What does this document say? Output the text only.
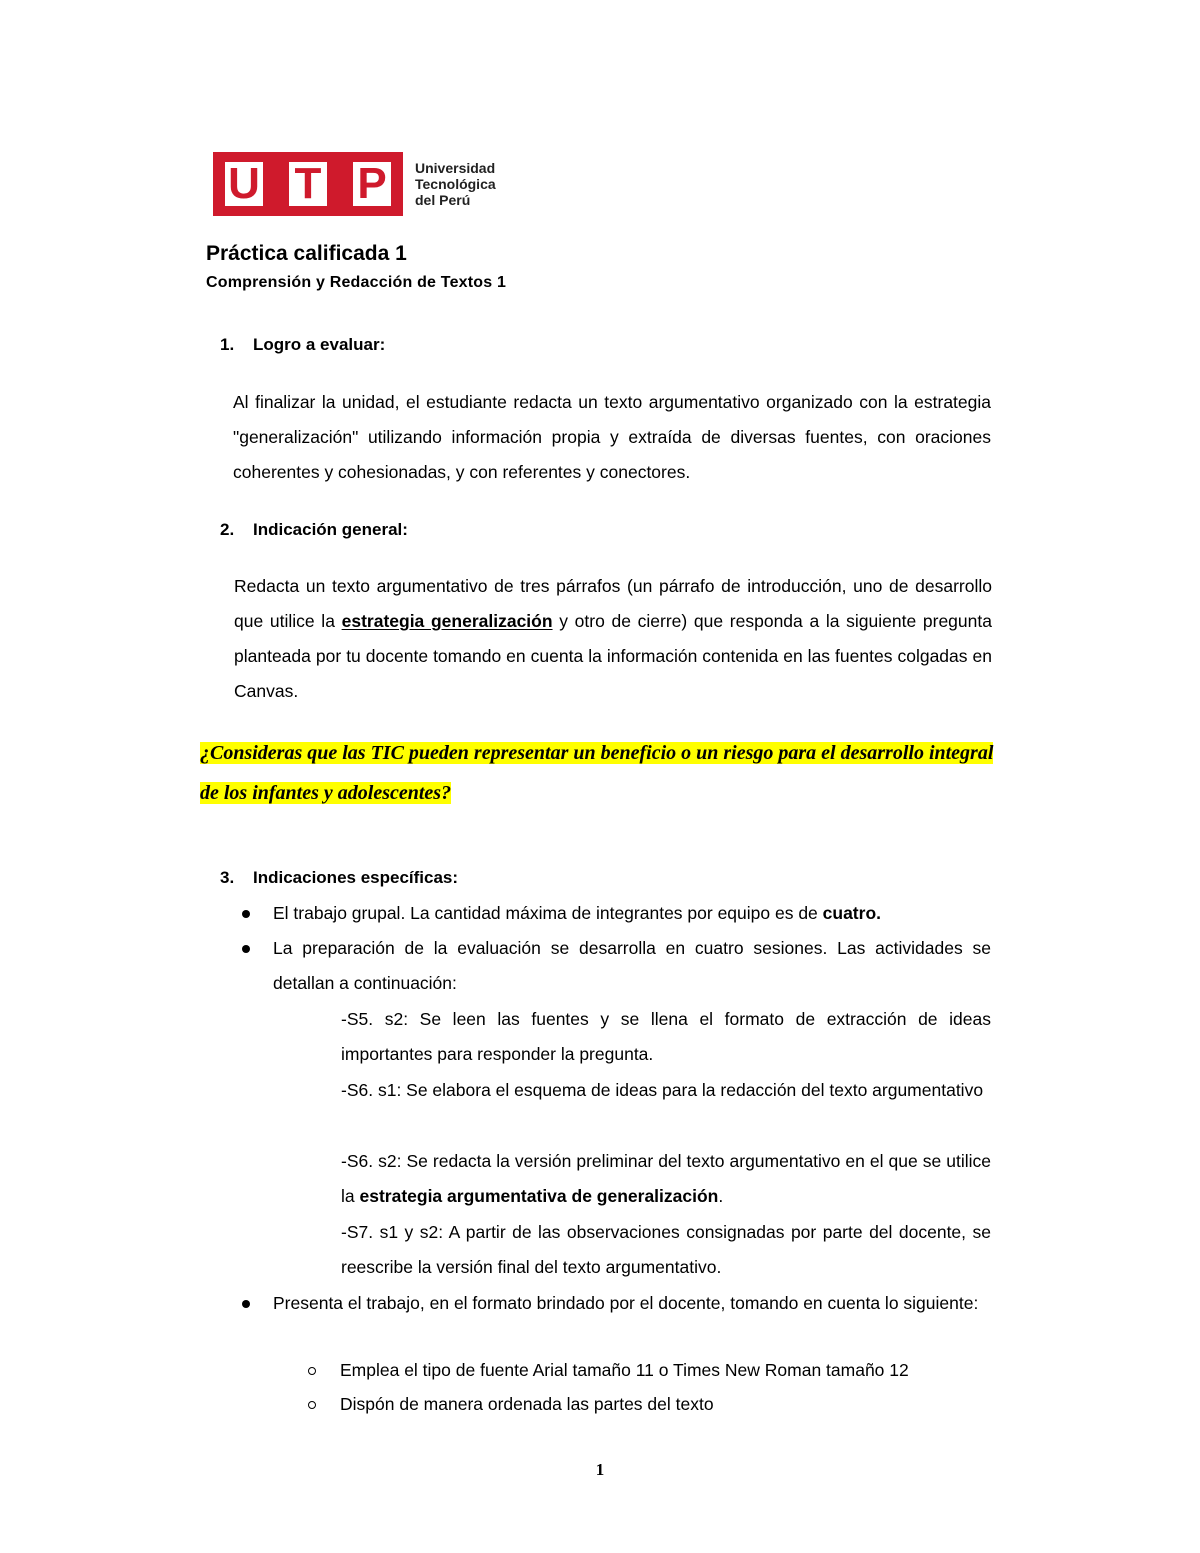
U T P	Universidad
Tecnológica
del Perú
Práctica calificada 1
Comprensión y Redacción de Textos 1
1. Logro a evaluar:
Al finalizar la unidad, el estudiante redacta un texto argumentativo organizado con la estrategia "generalización" utilizando información propia y extraída de diversas fuentes, con oraciones coherentes y cohesionadas, y con referentes y conectores.
2. Indicación general:
Redacta un texto argumentativo de tres párrafos (un párrafo de introducción, uno de desarrollo que utilice la estrategia generalización y otro de cierre) que responda a la siguiente pregunta planteada por tu docente tomando en cuenta la información contenida en las fuentes colgadas en Canvas.
¿Consideras que las TIC pueden representar un beneficio o un riesgo para el desarrollo integral de los infantes y adolescentes?
3. Indicaciones específicas:
El trabajo grupal. La cantidad máxima de integrantes por equipo es de cuatro.
La preparación de la evaluación se desarrolla en cuatro sesiones. Las actividades se detallan a continuación:
-S5. s2: Se leen las fuentes y se llena el formato de extracción de ideas importantes para responder la pregunta.
-S6. s1: Se elabora el esquema de ideas para la redacción del texto argumentativo
-S6. s2: Se redacta la versión preliminar del texto argumentativo en el que se utilice la estrategia argumentativa de generalización.
-S7. s1 y s2: A partir de las observaciones consignadas por parte del docente, se reescribe la versión final del texto argumentativo.
Presenta el trabajo, en el formato brindado por el docente, tomando en cuenta lo siguiente:
Emplea el tipo de fuente Arial tamaño 11 o Times New Roman tamaño 12
Dispón de manera ordenada las partes del texto
1
